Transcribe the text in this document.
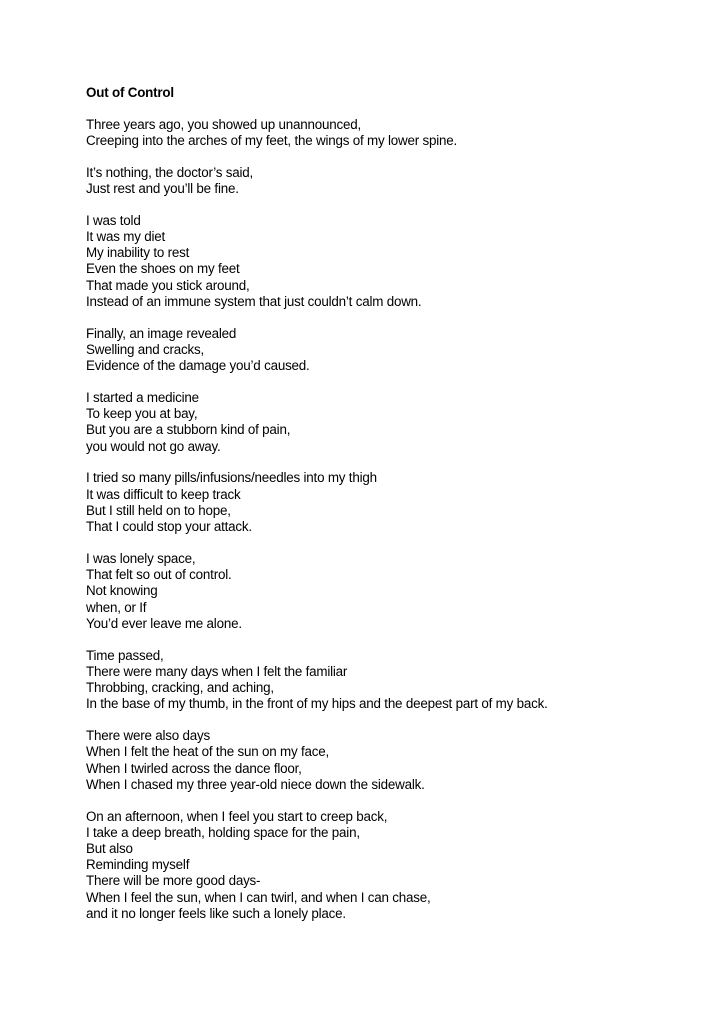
Out of Control
Three years ago, you showed up unannounced,
Creeping into the arches of my feet, the wings of my lower spine.
It’s nothing, the doctor’s said,
Just rest and you’ll be fine.
I was told
It was my diet
My inability to rest
Even the shoes on my feet
That made you stick around,
Instead of an immune system that just couldn’t calm down.
Finally, an image revealed
Swelling and cracks,
Evidence of the damage you’d caused.
I started a medicine
To keep you at bay,
But you are a stubborn kind of pain,
you would not go away.
I tried so many pills/infusions/needles into my thigh
It was difficult to keep track
But I still held on to hope,
That I could stop your attack.
I was lonely space,
That felt so out of control.
Not knowing
when, or If
You’d ever leave me alone.
Time passed,
There were many days when I felt the familiar
Throbbing, cracking, and aching,
In the base of my thumb, in the front of my hips and the deepest part of my back.
There were also days
When I felt the heat of the sun on my face,
When I twirled across the dance floor,
When I chased my three year-old niece down the sidewalk.
On an afternoon, when I feel you start to creep back,
I take a deep breath, holding space for the pain,
But also
Reminding myself
There will be more good days-
When I feel the sun, when I can twirl, and when I can chase,
and it no longer feels like such a lonely place.
